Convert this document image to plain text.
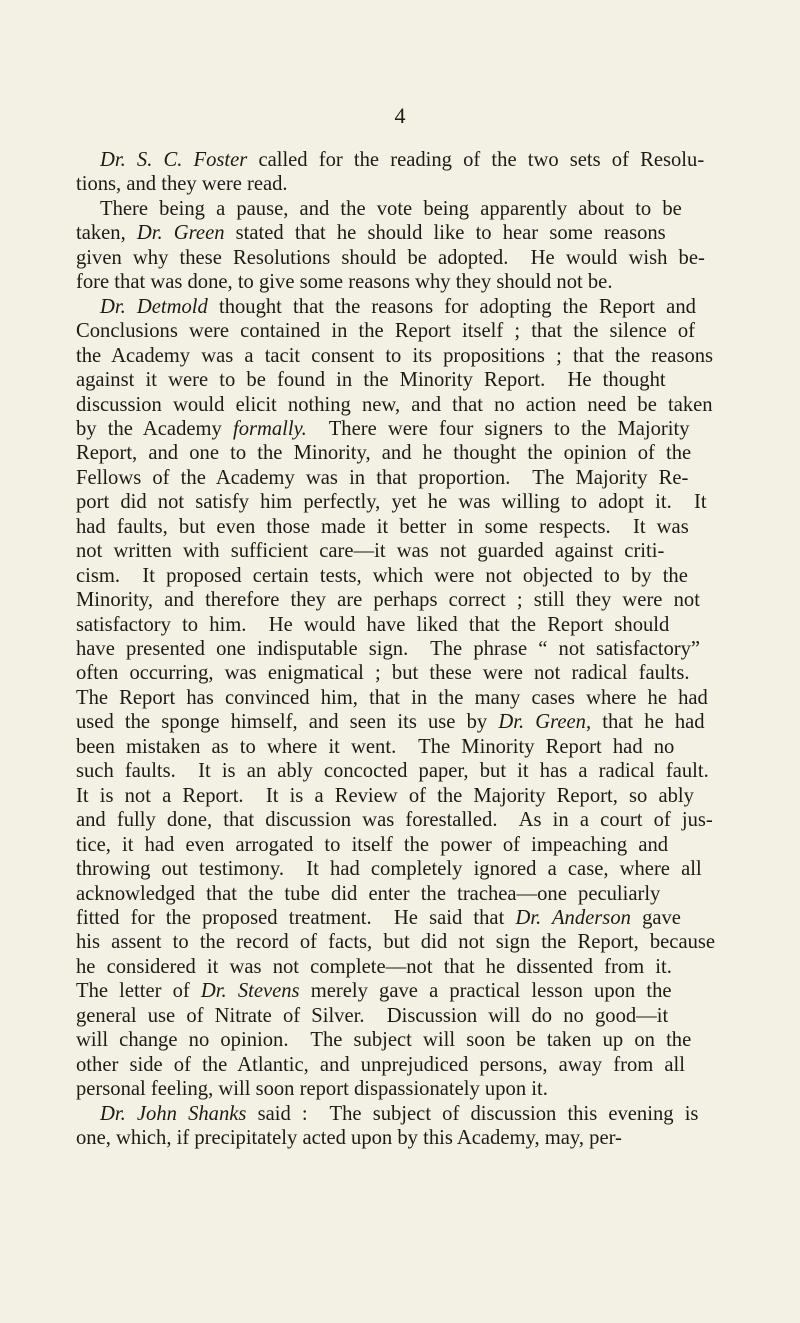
4
Dr. S. C. Foster called for the reading of the two sets of Resolu-
tions, and they were read.
There being a pause, and the vote being apparently about to be
taken, Dr. Green stated that he should like to hear some reasons
given why these Resolutions should be adopted.  He would wish be-
fore that was done, to give some reasons why they should not be.
Dr. Detmold thought that the reasons for adopting the Report and
Conclusions were contained in the Report itself ; that the silence of
the Academy was a tacit consent to its propositions ; that the reasons
against it were to be found in the Minority Report.  He thought
discussion would elicit nothing new, and that no action need be taken
by the Academy formally.  There were four signers to the Majority
Report, and one to the Minority, and he thought the opinion of the
Fellows of the Academy was in that proportion.  The Majority Re-
port did not satisfy him perfectly, yet he was willing to adopt it.  It
had faults, but even those made it better in some respects.  It was
not written with sufficient care—it was not guarded against criti-
cism.  It proposed certain tests, which were not objected to by the
Minority, and therefore they are perhaps correct ; still they were not
satisfactory to him.  He would have liked that the Report should
have presented one indisputable sign.  The phrase “ not satisfactory”
often occurring, was enigmatical ; but these were not radical faults.
The Report has convinced him, that in the many cases where he had
used the sponge himself, and seen its use by Dr. Green, that he had
been mistaken as to where it went.  The Minority Report had no
such faults.  It is an ably concocted paper, but it has a radical fault.
It is not a Report.  It is a Review of the Majority Report, so ably
and fully done, that discussion was forestalled.  As in a court of jus-
tice, it had even arrogated to itself the power of impeaching and
throwing out testimony.  It had completely ignored a case, where all
acknowledged that the tube did enter the trachea—one peculiarly
fitted for the proposed treatment.  He said that Dr. Anderson gave
his assent to the record of facts, but did not sign the Report, because
he considered it was not complete—not that he dissented from it.
The letter of Dr. Stevens merely gave a practical lesson upon the
general use of Nitrate of Silver.  Discussion will do no good—it
will change no opinion.  The subject will soon be taken up on the
other side of the Atlantic, and unprejudiced persons, away from all
personal feeling, will soon report dispassionately upon it.
Dr. John Shanks said :  The subject of discussion this evening is
one, which, if precipitately acted upon by this Academy, may, per-
